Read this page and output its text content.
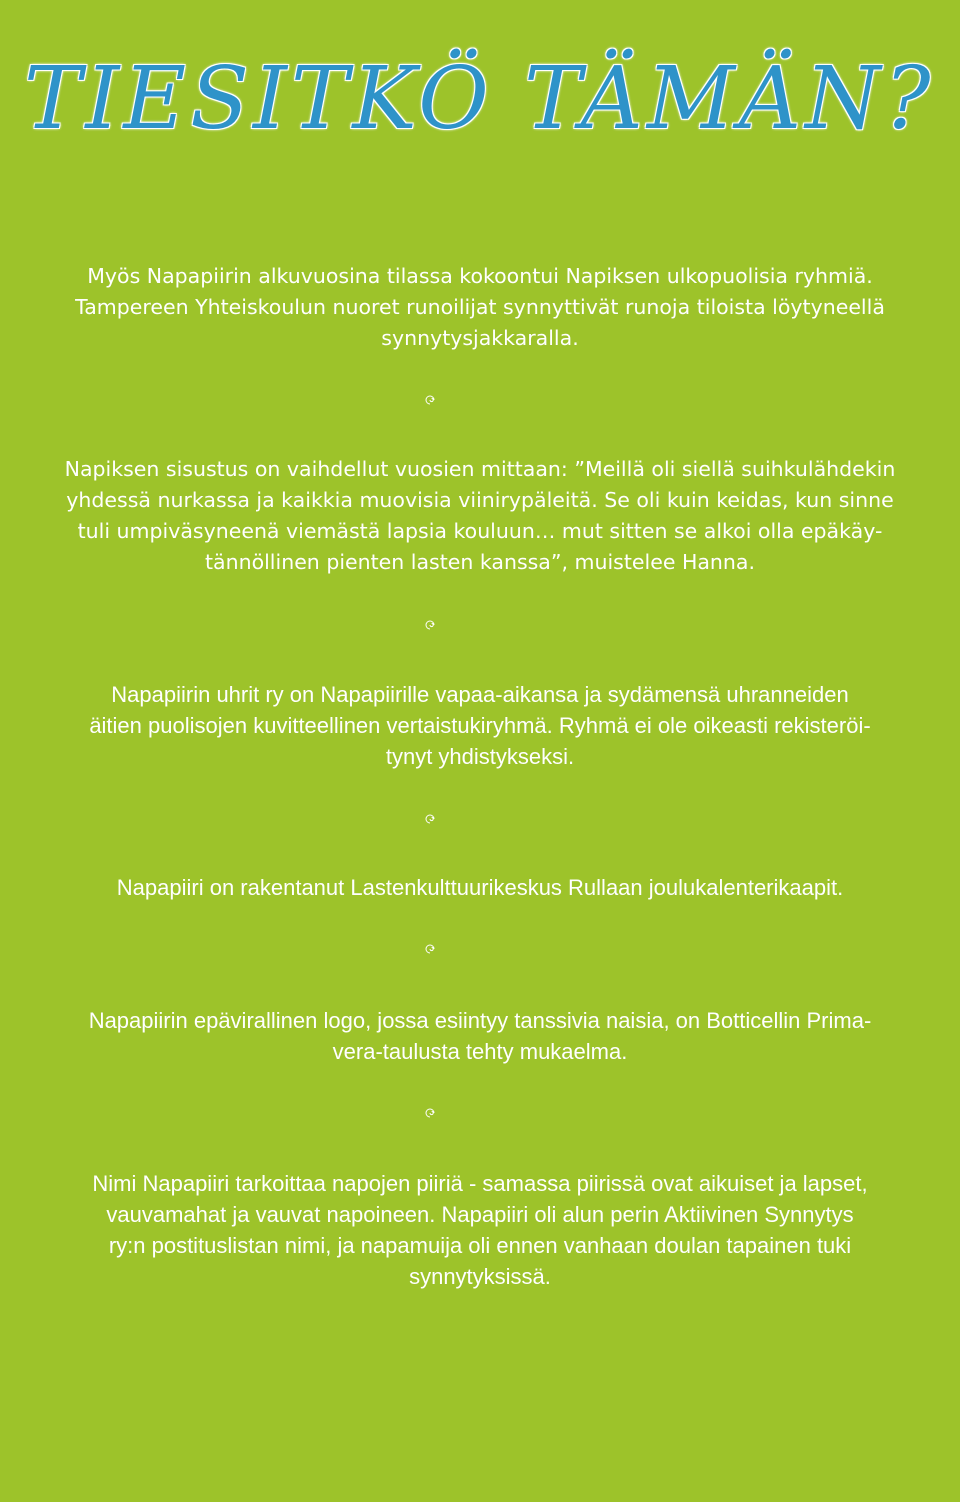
TIESITKÖ TÄMÄN?

Myös Napapiirin alkuvuosina tilassa kokoontui Napiksen ulkopuolisia ryhmiä.
Tampereen Yhteiskoulun nuoret runoilijat synnyttivät runoja tiloista löytyneellä
synnytysjakkaralla.

Napiksen sisustus on vaihdellut vuosien mittaan: ”Meillä oli siellä suihkulähdekin
yhdessä nurkassa ja kaikkia muovisia viinirypäleitä. Se oli kuin keidas, kun sinne
tuli umpiväsyneenä viemästä lapsia kouluun… mut sitten se alkoi olla epäkäy-
tännöllinen pienten lasten kanssa”, muistelee Hanna.

Napapiirin uhrit ry on Napapiirille vapaa-aikansa ja sydämensä uhranneiden
äitien puolisojen kuvitteellinen vertaistukiryhmä. Ryhmä ei ole oikeasti rekisteröi-
tynyt yhdistykseksi.

Napapiiri on rakentanut Lastenkulttuurikeskus Rullaan joulukalenterikaapit.

Napapiirin epävirallinen logo, jossa esiintyy tanssivia naisia, on Botticellin Prima-
vera-taulusta tehty mukaelma.

Nimi Napapiiri tarkoittaa napojen piiriä - samassa piirissä ovat aikuiset ja lapset,
vauvamahat ja vauvat napoineen. Napapiiri oli alun perin Aktiivinen Synnytys
ry:n postituslistan nimi, ja napamuija oli ennen vanhaan doulan tapainen tuki
synnytyksissä.
